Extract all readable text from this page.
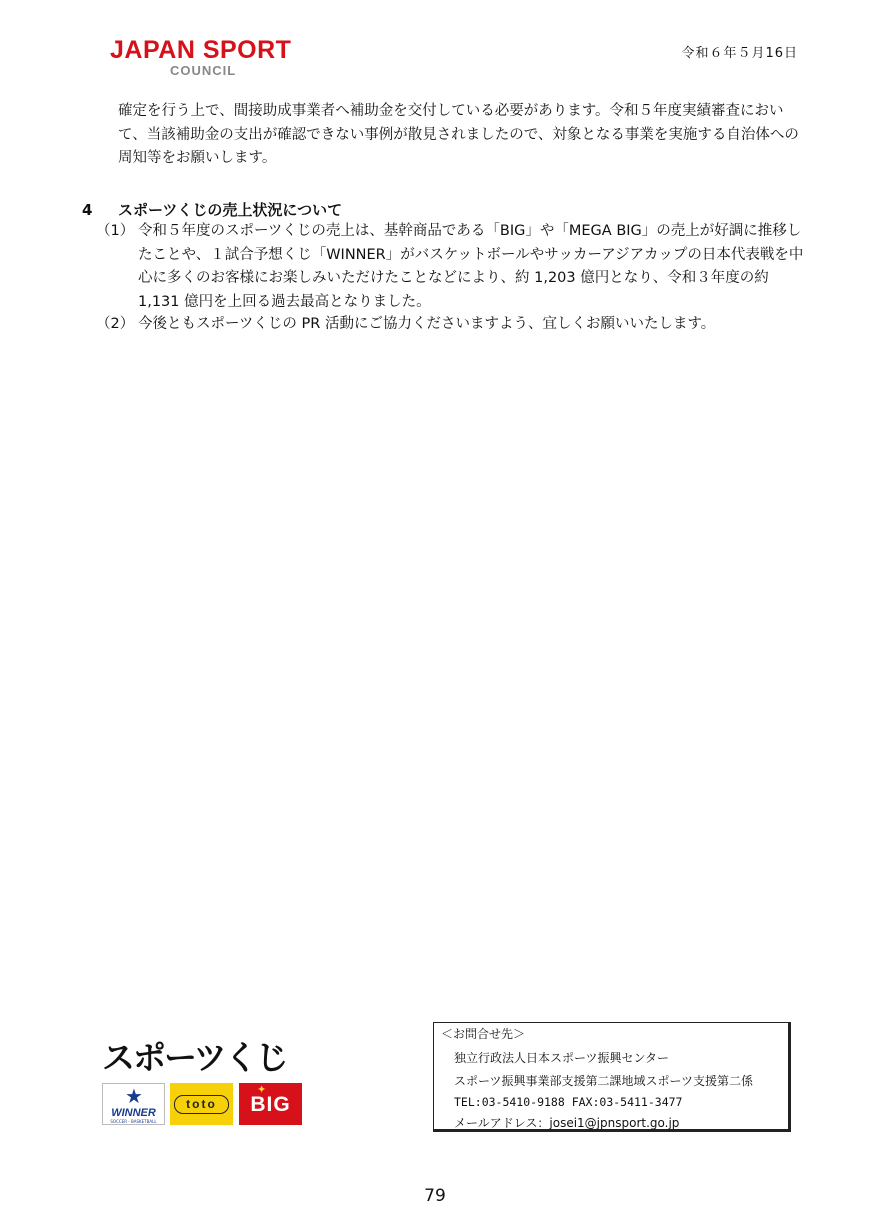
JAPAN SPORT
COUNCIL
令和６年５月16日
確定を行う上で、間接助成事業者へ補助金を交付している必要があります。令和５年度実績審査において、当該補助金の支出が確認できない事例が散見されましたので、対象となる事業を実施する自治体への周知等をお願いします。
4 スポーツくじの売上状況について
（1） 令和５年度のスポーツくじの売上は、基幹商品である「BIG」や「MEGA BIG」の売上が好調に推移したことや、１試合予想くじ「WINNER」がバスケットボールやサッカーアジアカップの日本代表戦を中心に多くのお客様にお楽しみいただけたことなどにより、約 1,203 億円となり、令和３年度の約 1,131 億円を上回る過去最高となりました。
（2） 今後ともスポーツくじの PR 活動にご協力くださいますよう、宜しくお願いいたします。
スポーツくじ
★
WINNER
SOCCER・BASKETBALL
toto
✦
BIG
＜お問合せ先＞
独立行政法人日本スポーツ振興センター
スポーツ振興事業部支援第二課地域スポーツ支援第二係
TEL:03-5410-9188 FAX:03-5411-3477
メールアドレス：josei1@jpnsport.go.jp
79
